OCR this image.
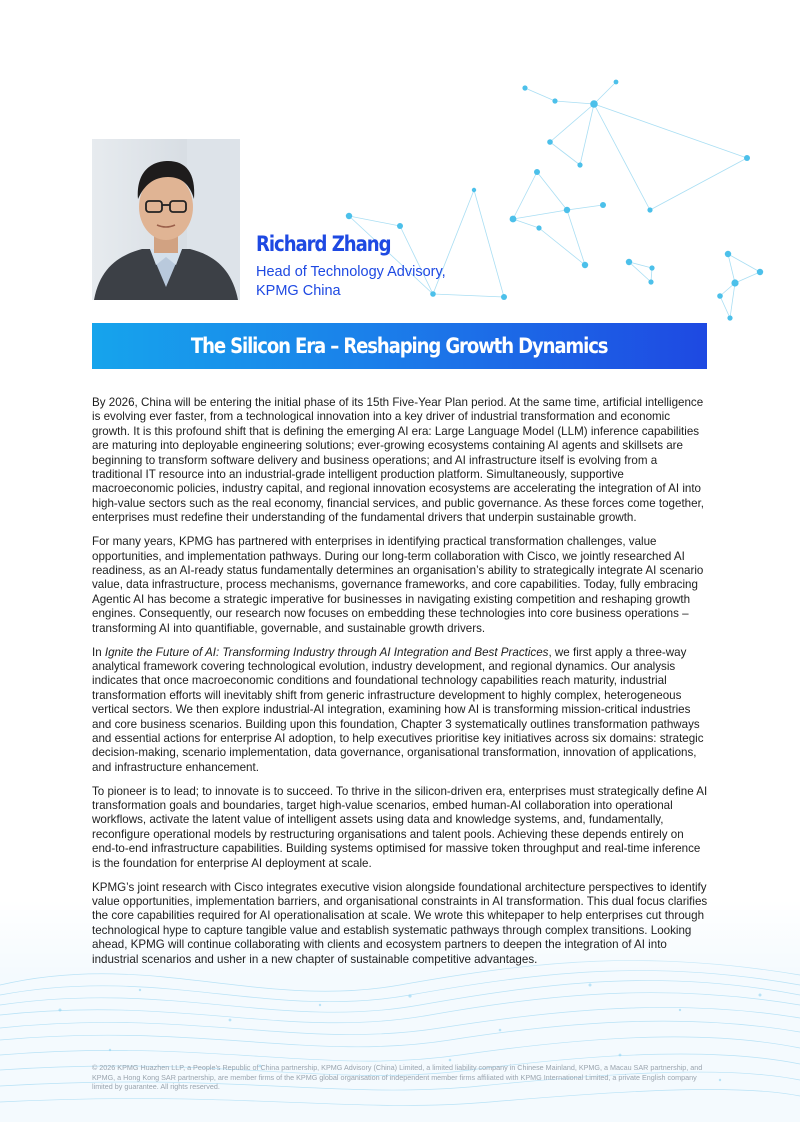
Richard Zhang
Head of Technology Advisory,
KPMG China
The Silicon Era – Reshaping Growth Dynamics

By 2026, China will be entering the initial phase of its 15th Five-Year Plan period. At the same time, artificial intelligence is evolving ever faster, from a technological innovation into a key driver of industrial transformation and economic growth. It is this profound shift that is defining the emerging AI era: Large Language Model (LLM) inference capabilities are maturing into deployable engineering solutions; ever-growing ecosystems containing AI agents and skillsets are beginning to transform software delivery and business operations; and AI infrastructure itself is evolving from a traditional IT resource into an industrial-grade intelligent production platform. Simultaneously, supportive macroeconomic policies, industry capital, and regional innovation ecosystems are accelerating the integration of AI into high-value sectors such as the real economy, financial services, and public governance. As these forces come together, enterprises must redefine their understanding of the fundamental drivers that underpin sustainable growth.

For many years, KPMG has partnered with enterprises in identifying practical transformation challenges, value opportunities, and implementation pathways. During our long-term collaboration with Cisco, we jointly researched AI readiness, as an AI-ready status fundamentally determines an organisation’s ability to strategically integrate AI scenario value, data infrastructure, process mechanisms, governance frameworks, and core capabilities. Today, fully embracing Agentic AI has become a strategic imperative for businesses in navigating existing competition and reshaping growth engines. Consequently, our research now focuses on embedding these technologies into core business operations – transforming AI into quantifiable, governable, and sustainable growth drivers.

In Ignite the Future of AI: Transforming Industry through AI Integration and Best Practices, we first apply a three-way analytical framework covering technological evolution, industry development, and regional dynamics. Our analysis indicates that once macroeconomic conditions and foundational technology capabilities reach maturity, industrial transformation efforts will inevitably shift from generic infrastructure development to highly complex, heterogeneous vertical sectors. We then explore industrial-AI integration, examining how AI is transforming mission-critical industries and core business scenarios. Building upon this foundation, Chapter 3 systematically outlines transformation pathways and essential actions for enterprise AI adoption, to help executives prioritise key initiatives across six domains: strategic decision-making, scenario implementation, data governance, organisational transformation, innovation of applications, and infrastructure enhancement.

To pioneer is to lead; to innovate is to succeed. To thrive in the silicon-driven era, enterprises must strategically define AI transformation goals and boundaries, target high-value scenarios, embed human-AI collaboration into operational workflows, activate the latent value of intelligent assets using data and knowledge systems, and, fundamentally, reconfigure operational models by restructuring organisations and talent pools. Achieving these depends entirely on end-to-end infrastructure capabilities. Building systems optimised for massive token throughput and real-time inference is the foundation for enterprise AI deployment at scale.

KPMG’s joint research with Cisco integrates executive vision alongside foundational architecture perspectives to identify value opportunities, implementation barriers, and organisational constraints in AI transformation. This dual focus clarifies the core capabilities required for AI operationalisation at scale. We wrote this whitepaper to help enterprises cut through technological hype to capture tangible value and establish systematic pathways through complex transitions. Looking ahead, KPMG will continue collaborating with clients and ecosystem partners to deepen the integration of AI into industrial scenarios and usher in a new chapter of sustainable competitive advantages.

© 2026 KPMG Huazhen LLP, a People’s Republic of China partnership, KPMG Advisory (China) Limited, a limited liability company in Chinese Mainland, KPMG, a Macau SAR partnership, and KPMG, a Hong Kong SAR partnership, are member firms of the KPMG global organisation of independent member firms affiliated with KPMG International Limited, a private English company limited by guarantee. All rights reserved.
